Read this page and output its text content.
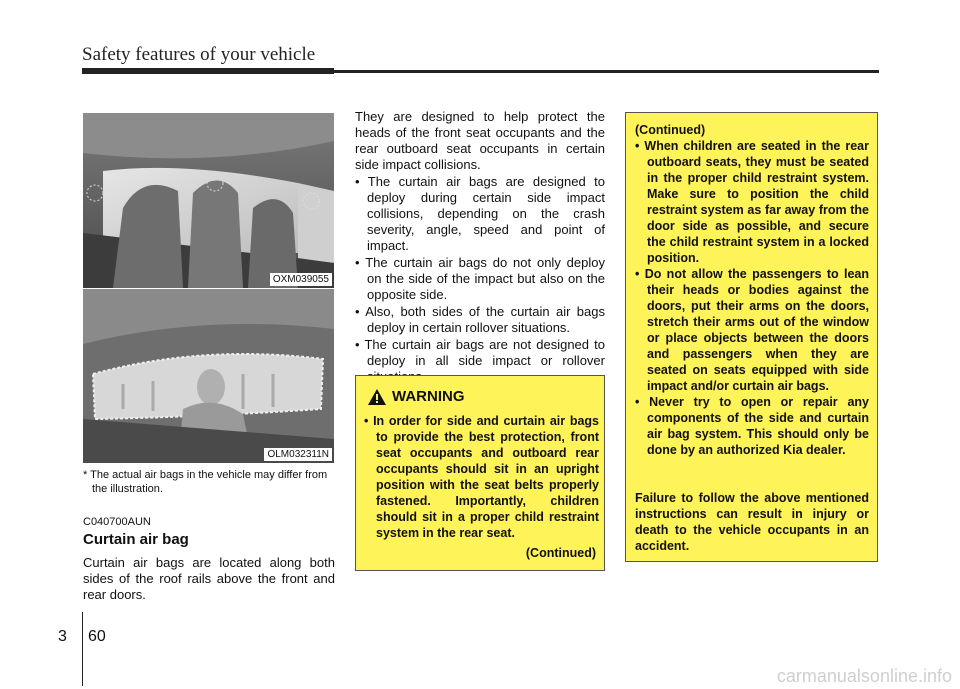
Safety features of your vehicle
OXM039055
OLM032311N
* The actual air bags in the vehicle may differ from the illustration.
C040700AUN
Curtain air bag
Curtain air bags are located along both sides of the roof rails above the front and rear doors.
They are designed to help protect the heads of the front seat occupants and the rear outboard seat occupants in certain side impact collisions.
• The curtain air bags are designed to deploy during certain side impact collisions, depending on the crash severity, angle, speed and point of impact.
• The curtain air bags do not only deploy on the side of the impact but also on the opposite side.
• Also, both sides of the curtain air bags deploy in certain rollover situations.
• The curtain air bags are not designed to deploy in all side impact or rollover
WARNING
• In order for side and curtain air bags to provide the best protection, front seat occupants and outboard rear occupants should sit in an upright position with the seat belts properly fastened. Importantly, children should sit in a proper child restraint system in the rear seat.
(Continued)
(Continued)
• When children are seated in the rear outboard seats, they must be seated in the proper child restraint system. Make sure to position the child restraint system as far away from the door side as possible, and secure the child restraint system in a locked position.
• Do not allow the passengers to lean their heads or bodies against the doors, put their arms on the doors, stretch their arms out of the window or place objects between the doors and passengers when they are seated on seats equipped with side impact and/or curtain air bags.
• Never try to open or repair any components of the side and curtain air bag system. This should only be done by an authorized Kia dealer.
Failure to follow the above mentioned instructions can result in injury or death to the vehicle occupants in an accident.
3 60
carmanualsonline.info
